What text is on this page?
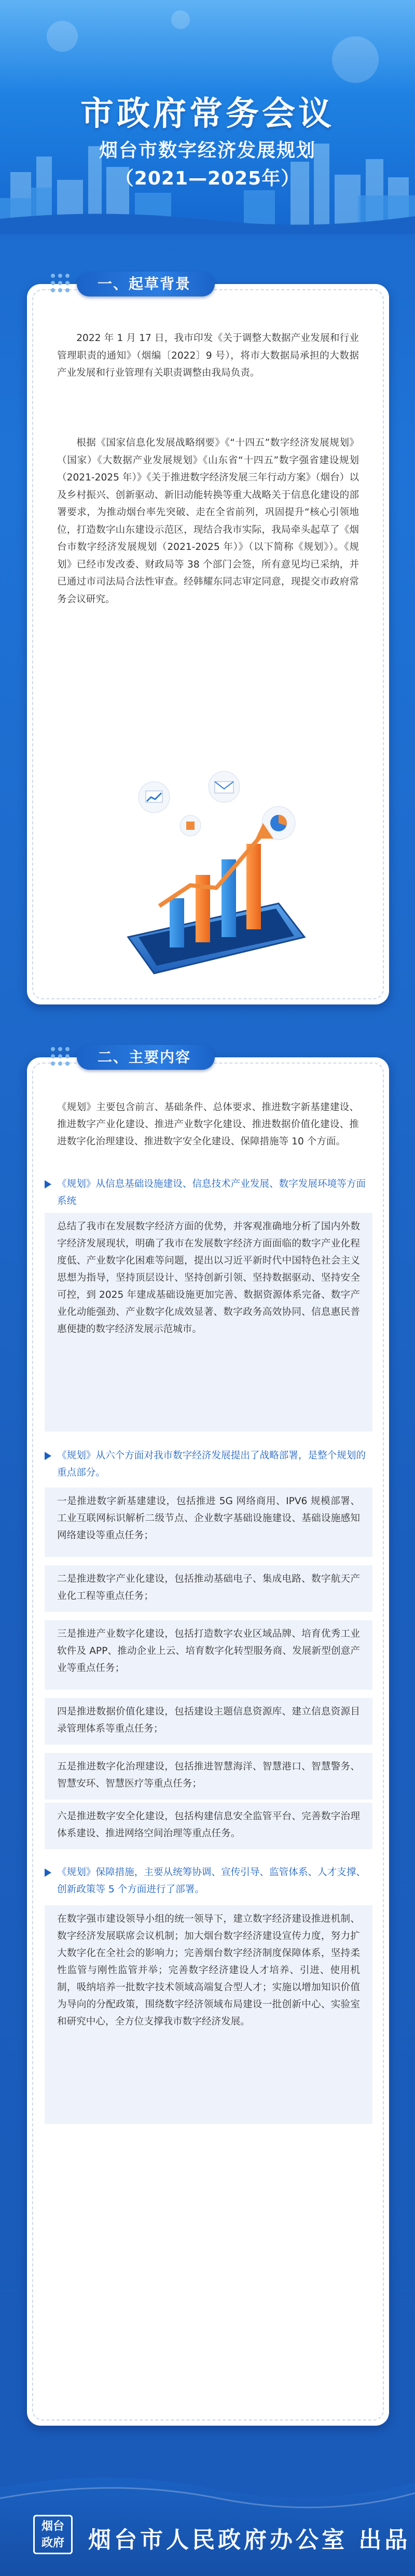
市政府常务会议
烟台市数字经济发展规划
（2021—2025年）
一、起草背景
2022 年 1 月 17 日，我市印发《关于调整大数据产业发展和行业管理职责的通知》（烟编〔2022〕9 号），将市大数据局承担的大数据产业发展和行业管理有关职责调整由我局负责。
根据《国家信息化发展战略纲要》《“十四五”数字经济发展规划》（国家）《大数据产业发展规划》《山东省“十四五”数字强省建设规划（2021-2025 年）》《关于推进数字经济发展三年行动方案》（烟台）以及乡村振兴、创新驱动、新旧动能转换等重大战略关于信息化建设的部署要求，为推动烟台率先突破、走在全省前列，巩固提升“核心引领地位，打造数字山东建设示范区，现结合我市实际，我局牵头起草了《烟台市数字经济发展规划（2021-2025 年）》（以下简称《规划》）。《规划》已经市发改委、财政局等 38 个部门会签，所有意见均已采纳，并已通过市司法局合法性审查。经韩耀东同志审定同意，现提交市政府常务会议研究。
二、主要内容
《规划》主要包含前言、基础条件、总体要求、推进数字新基建建设、推进数字产业化建设、推进产业数字化建设、推进数据价值化建设、推进数字化治理建设、推进数字安全化建设、保障措施等 10 个方面。
《规划》从信息基础设施建设、信息技术产业发展、数字发展环境等方面系统
总结了我市在发展数字经济方面的优势，并客观准确地分析了国内外数字经济发展现状，明确了我市在发展数字经济方面面临的数字产业化程度低、产业数字化困难等问题，提出以习近平新时代中国特色社会主义思想为指导，坚持顶层设计、坚持创新引领、坚持数据驱动、坚持安全可控，到 2025 年建成基础设施更加完善、数据资源体系完备、数字产业化动能强劲、产业数字化成效显著、数字政务高效协同、信息惠民普惠便捷的数字经济发展示范城市。
《规划》从六个方面对我市数字经济发展提出了战略部署，是整个规划的重点部分。
一是推进数字新基建建设，包括推进 5G 网络商用、IPV6 规模部署、工业互联网标识解析二级节点、企业数字基础设施建设、基础设施感知网络建设等重点任务；
二是推进数字产业化建设，包括推动基础电子、集成电路、数字航天产业化工程等重点任务；
三是推进产业数字化建设，包括打造数字农业区域品牌、培育优秀工业软件及 APP、推动企业上云、培育数字化转型服务商、发展新型创意产业等重点任务；
四是推进数据价值化建设，包括建设主题信息资源库、建立信息资源目录管理体系等重点任务；
五是推进数字化治理建设，包括推进智慧海洋、智慧港口、智慧警务、智慧安环、智慧医疗等重点任务；
六是推进数字安全化建设，包括构建信息安全监管平台、完善数字治理体系建设、推进网络空间治理等重点任务。
《规划》保障措施，主要从统筹协调、宣传引导、监管体系、人才支撑、创新政策等 5 个方面进行了部署。
在数字强市建设领导小组的统一领导下，建立数字经济建设推进机制、数字经济发展联席会议机制；加大烟台数字经济建设宣传力度，努力扩大数字化在全社会的影响力；完善烟台数字经济制度保障体系，坚持柔性监管与刚性监管并举；完善数字经济建设人才培养、引进、使用机制，吸纳培养一批数字技术领域高端复合型人才；实施以增加知识价值为导向的分配政策，围绕数字经济领域布局建设一批创新中心、实验室和研究中心，全方位支撑我市数字经济发展。
烟台
政府 烟台市人民政府办公室 出品
